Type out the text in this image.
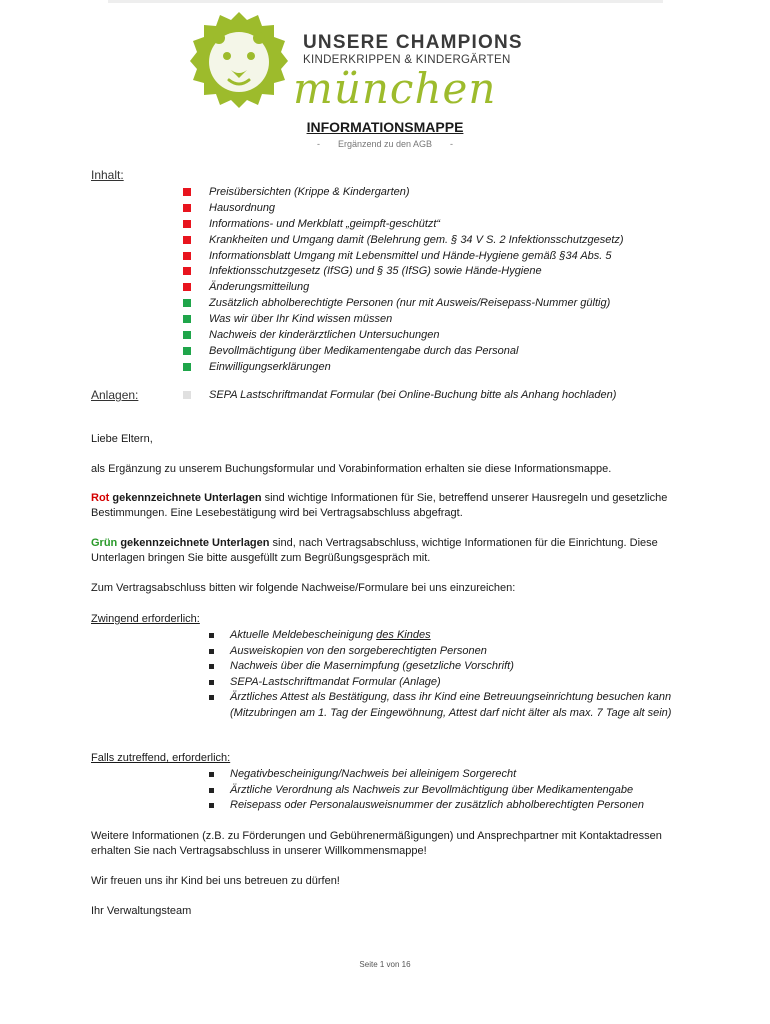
UNSERE CHAMPIONS
KINDERKRIPPEN & KINDERGÄRTEN
münchen
INFORMATIONSMAPPE
- Ergänzend zu den AGB -
Inhalt:
Preisübersichten (Krippe & Kindergarten)
Hausordnung
Informations- und Merkblatt „geimpft-geschützt“
Krankheiten und Umgang damit (Belehrung gem. § 34 V S. 2 Infektionsschutzgesetz)
Informationsblatt Umgang mit Lebensmittel und Hände-Hygiene gemäß §34 Abs. 5
Infektionsschutzgesetz (IfSG) und § 35 (IfSG) sowie Hände-Hygiene
Änderungsmitteilung
Zusätzlich abholberechtigte Personen (nur mit Ausweis/Reisepass-Nummer gültig)
Was wir über Ihr Kind wissen müssen
Nachweis der kinderärztlichen Untersuchungen
Bevollmächtigung über Medikamentengabe durch das Personal
Einwilligungserklärungen
Anlagen:	SEPA Lastschriftmandat Formular (bei Online-Buchung bitte als Anhang hochladen)
Liebe Eltern,
als Ergänzung zu unserem Buchungsformular und Vorabinformation erhalten sie diese Informationsmappe.
Rot gekennzeichnete Unterlagen sind wichtige Informationen für Sie, betreffend unserer Hausregeln und gesetzliche Bestimmungen. Eine Lesebestätigung wird bei Vertragsabschluss abgefragt.
Grün gekennzeichnete Unterlagen sind, nach Vertragsabschluss, wichtige Informationen für die Einrichtung. Diese Unterlagen bringen Sie bitte ausgefüllt zum Begrüßungsgespräch mit.
Zum Vertragsabschluss bitten wir folgende Nachweise/Formulare bei uns einzureichen:
Zwingend erforderlich:
Aktuelle Meldebescheinigung des Kindes
Ausweiskopien von den sorgeberechtigten Personen
Nachweis über die Masernimpfung (gesetzliche Vorschrift)
SEPA-Lastschriftmandat Formular (Anlage)
Ärztliches Attest als Bestätigung, dass ihr Kind eine Betreuungseinrichtung besuchen kann (Mitzubringen am 1. Tag der Eingewöhnung, Attest darf nicht älter als max. 7 Tage alt sein)
Falls zutreffend, erforderlich:
Negativbescheinigung/Nachweis bei alleinigem Sorgerecht
Ärztliche Verordnung als Nachweis zur Bevollmächtigung über Medikamentengabe
Reisepass oder Personalausweisnummer der zusätzlich abholberechtigten Personen
Weitere Informationen (z.B. zu Förderungen und Gebührenermäßigungen) und Ansprechpartner mit Kontaktadressen erhalten Sie nach Vertragsabschluss in unserer Willkommensmappe!
Wir freuen uns ihr Kind bei uns betreuen zu dürfen!
Ihr Verwaltungsteam
Seite 1 von 16
